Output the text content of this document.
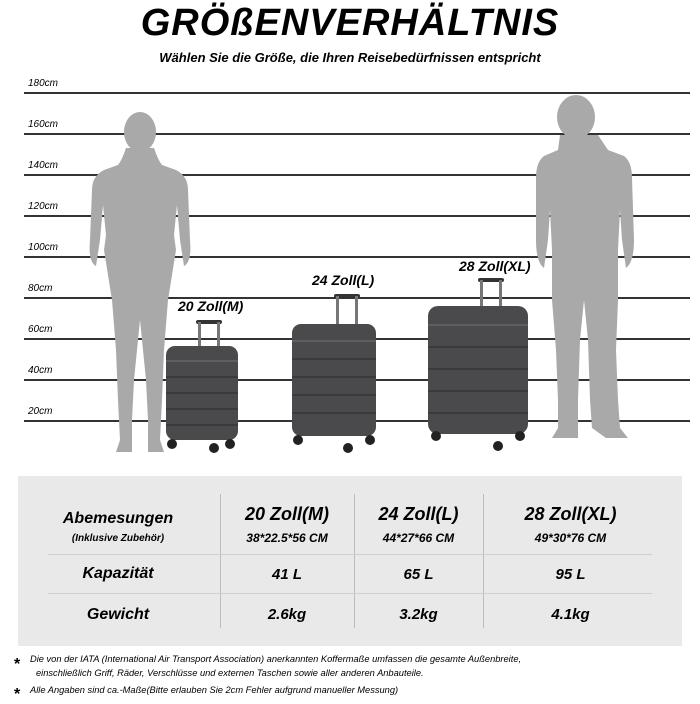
GRÖßENVERHÄLTNIS
Wählen Sie die Größe, die Ihren Reisebedürfnissen entspricht
180cm
160cm
140cm
120cm
100cm
80cm
60cm
40cm
20cm
20 Zoll(M)
24 Zoll(L)
28 Zoll(XL)
Abemesungen
(Inklusive Zubehör)
Kapazität
Gewicht
20 Zoll(M)
38*22.5*56 CM
41 L
2.6kg
24 Zoll(L)
44*27*66 CM
65 L
3.2kg
28 Zoll(XL)
49*30*76 CM
95 L
4.1kg
* Die von der IATA (International Air Transport Association) anerkannten Koffermaße umfassen die gesamte Außenbreite,
einschließlich Griff, Räder, Verschlüsse und externen Taschen sowie aller anderen Anbauteile.
* Alle Angaben sind ca.-Maße(Bitte erlauben Sie 2cm Fehler aufgrund manueller Messung)
